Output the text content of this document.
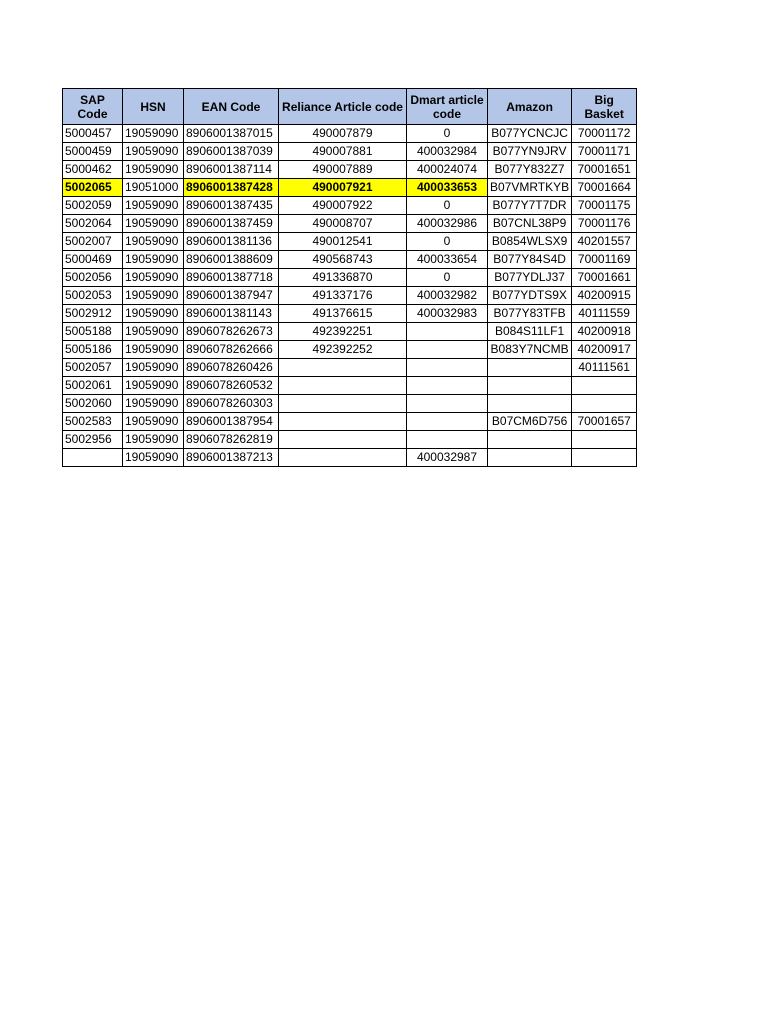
SAP Code	HSN	EAN Code	Reliance Article code	Dmart article code	Amazon	Big Basket
5000457	19059090	8906001387015	490007879	0	B077YCNCJC	70001172
5000459	19059090	8906001387039	490007881	400032984	B077YN9JRV	70001171
5000462	19059090	8906001387114	490007889	400024074	B077Y832Z7	70001651
5002065	19051000	8906001387428	490007921	400033653	B07VMRTKYB	70001664
5002059	19059090	8906001387435	490007922	0	B077Y7T7DR	70001175
5002064	19059090	8906001387459	490008707	400032986	B07CNL38P9	70001176
5002007	19059090	8906001381136	490012541	0	B0854WLSX9	40201557
5000469	19059090	8906001388609	490568743	400033654	B077Y84S4D	70001169
5002056	19059090	8906001387718	491336870	0	B077YDLJ37	70001661
5002053	19059090	8906001387947	491337176	400032982	B077YDTS9X	40200915
5002912	19059090	8906001381143	491376615	400032983	B077Y83TFB	40111559
5005188	19059090	8906078262673	492392251		B084S11LF1	40200918
5005186	19059090	8906078262666	492392252		B083Y7NCMB	40200917
5002057	19059090	8906078260426				40111561
5002061	19059090	8906078260532				
5002060	19059090	8906078260303				
5002583	19059090	8906001387954			B07CM6D756	70001657
5002956	19059090	8906078262819				
	19059090	8906001387213		400032987		
